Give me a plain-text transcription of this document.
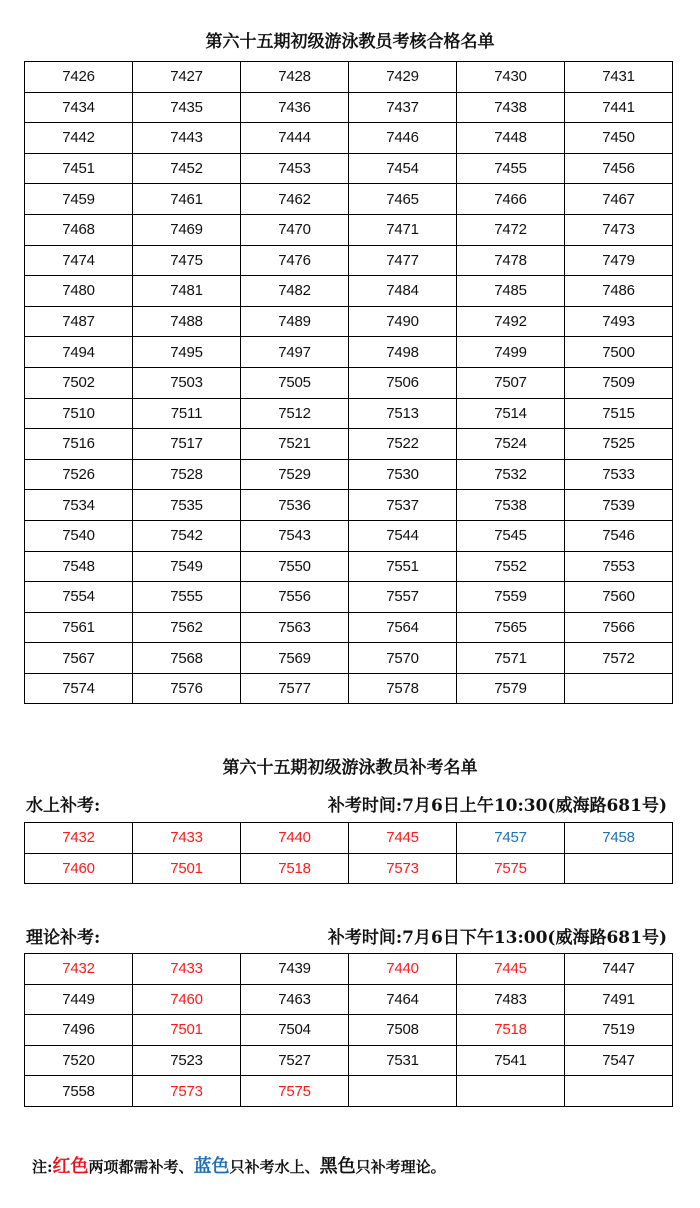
第六十五期初级游泳教员考核合格名单
7426	7427	7428	7429	7430	7431
7434	7435	7436	7437	7438	7441
7442	7443	7444	7446	7448	7450
7451	7452	7453	7454	7455	7456
7459	7461	7462	7465	7466	7467
7468	7469	7470	7471	7472	7473
7474	7475	7476	7477	7478	7479
7480	7481	7482	7484	7485	7486
7487	7488	7489	7490	7492	7493
7494	7495	7497	7498	7499	7500
7502	7503	7505	7506	7507	7509
7510	7511	7512	7513	7514	7515
7516	7517	7521	7522	7524	7525
7526	7528	7529	7530	7532	7533
7534	7535	7536	7537	7538	7539
7540	7542	7543	7544	7545	7546
7548	7549	7550	7551	7552	7553
7554	7555	7556	7557	7559	7560
7561	7562	7563	7564	7565	7566
7567	7568	7569	7570	7571	7572
7574	7576	7577	7578	7579	
第六十五期初级游泳教员补考名单
水上补考:	补考时间:7月6日上午10:30(威海路681号)
7432	7433	7440	7445	7457	7458
7460	7501	7518	7573	7575	
理论补考:	补考时间:7月6日下午13:00(威海路681号)
7432	7433	7439	7440	7445	7447
7449	7460	7463	7464	7483	7491
7496	7501	7504	7508	7518	7519
7520	7523	7527	7531	7541	7547
7558	7573	7575			
注:红色两项都需补考、蓝色只补考水上、黑色只补考理论。
